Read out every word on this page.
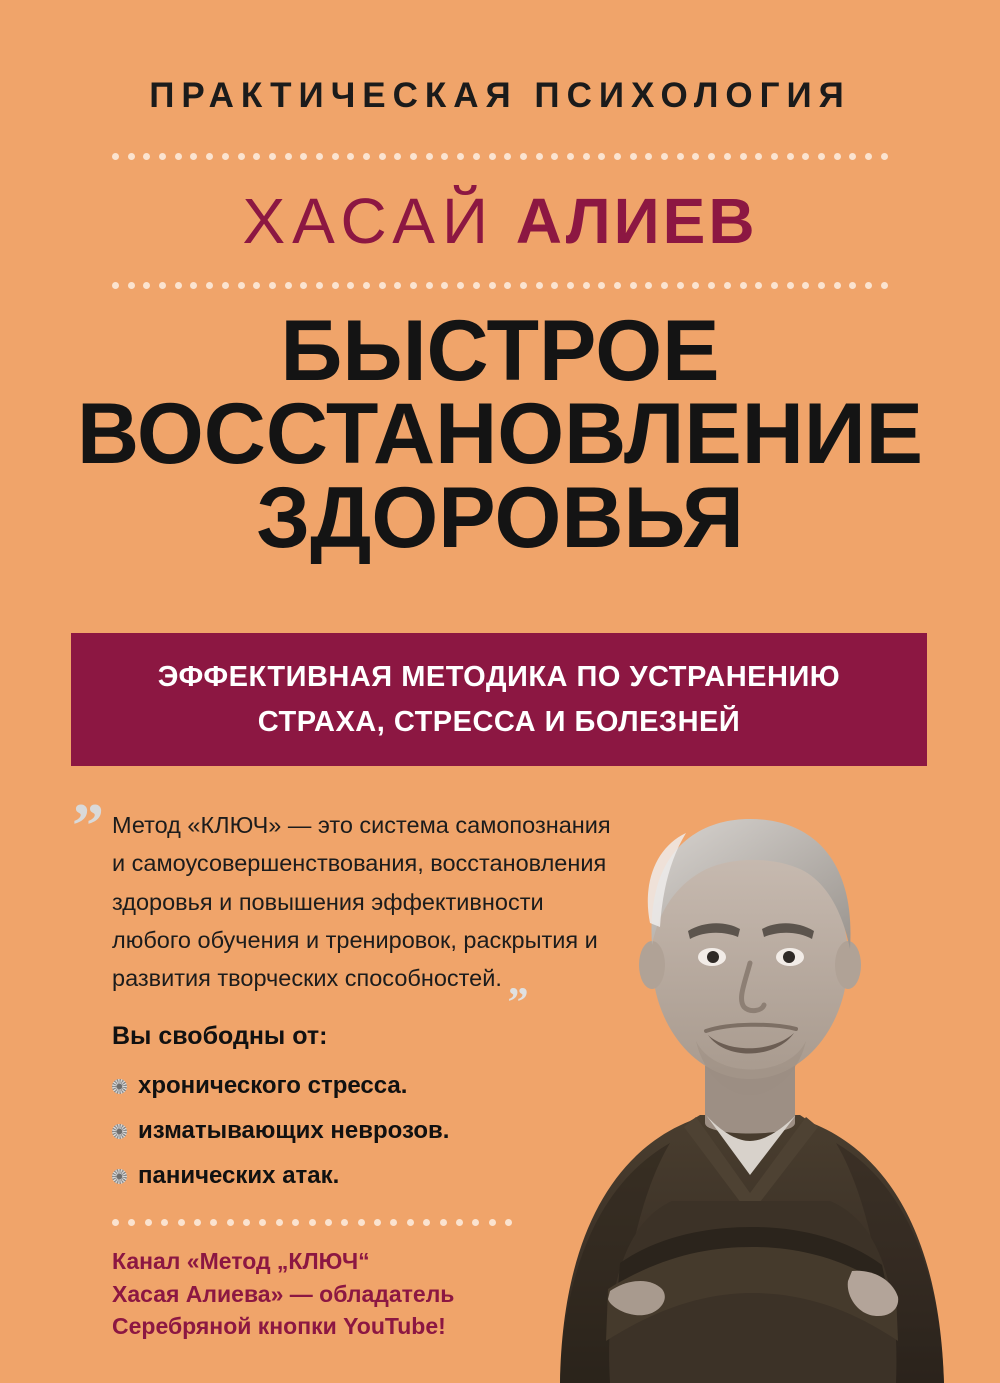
ПРАКТИЧЕСКАЯ ПСИХОЛОГИЯ
ХАСАЙ АЛИЕВ
БЫСТРОЕ
ВОССТАНОВЛЕНИЕ
ЗДОРОВЬЯ
ЭФФЕКТИВНАЯ МЕТОДИКА ПО УСТРАНЕНИЮ
СТРАХА, СТРЕССА И БОЛЕЗНЕЙ
” Метод «КЛЮЧ» — это система самопознания и самоусовершенствования, восстановления здоровья и повышения эффективности любого обучения и тренировок, раскрытия и развития творческих способностей. „
Вы свободны от:
хронического стресса.
изматывающих неврозов.
панических атак.
Канал «Метод „КЛЮЧ“
Хасая Алиева» — обладатель
Серебряной кнопки YouTube!
